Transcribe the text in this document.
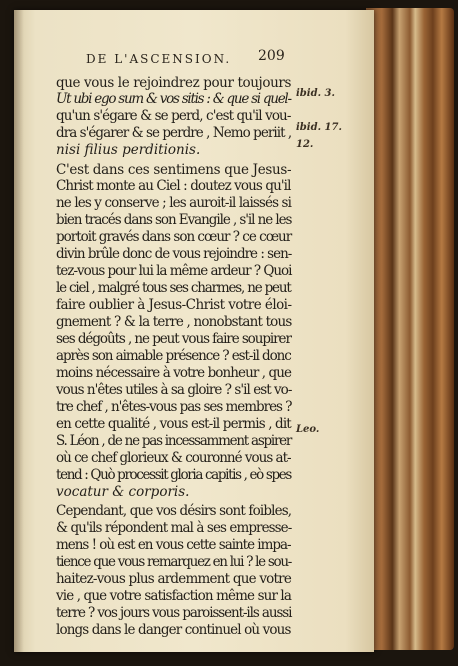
DE L'ASCENSION. 209
que vous le rejoindrez pour toujours
Ut ubi ego sum & vos sitis : & que si quel-
qu'un s'égare & se perd, c'est qu'il vou-
dra s'égarer & se perdre , Nemo periit ,
nisi filius perditionis.
C'est dans ces sentimens que Jesus-
Christ monte au Ciel : doutez vous qu'il
ne les y conserve ; les auroit-il laissés si
bien tracés dans son Evangile , s'il ne les
portoit gravés dans son cœur ? ce cœur
divin brûle donc de vous rejoindre : sen-
tez-vous pour lui la même ardeur ? Quoi
le ciel , malgré tous ses charmes, ne peut
faire oublier à Jesus-Christ votre éloi-
gnement ? & la terre , nonobstant tous
ses dégoûts , ne peut vous faire soupirer
après son aimable présence ? est-il donc
moins nécessaire à votre bonheur , que
vous n'êtes utiles à sa gloire ? s'il est vo-
tre chef , n'êtes-vous pas ses membres ?
en cette qualité , vous est-il permis , dit
S. Léon , de ne pas incessamment aspirer
où ce chef glorieux & couronné vous at-
tend : Quò processit gloria capitis , eò spes
vocatur & corporis.
Cependant, que vos désirs sont foibles,
& qu'ils répondent mal à ses empresse-
mens ! où est en vous cette sainte impa-
tience que vous remarquez en lui ? le sou-
haitez-vous plus ardemment que votre
vie , que votre satisfaction même sur la
terre ? vos jours vous paroissent-ils aussi
longs dans le danger continuel où vous
ibid. 3.
ibid. 17.
12.
Leo.
